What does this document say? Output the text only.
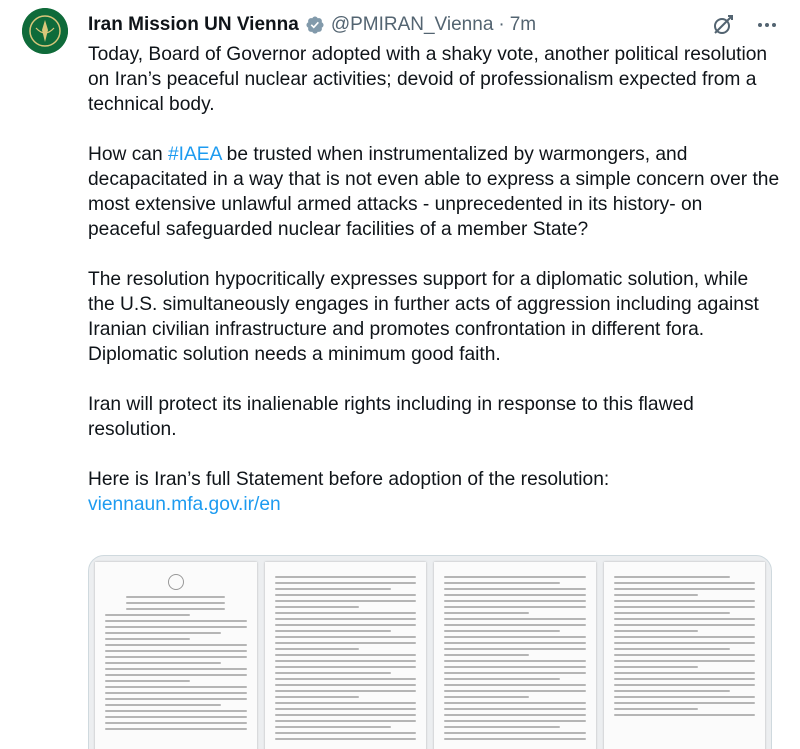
Iran Mission UN Vienna @PMIRAN_Vienna · 7m

Today, Board of Governor adopted with a shaky vote, another political resolution on Iran’s peaceful nuclear activities; devoid of professionalism expected from a technical body.

How can #IAEA be trusted when instrumentalized by warmongers, and decapacitated in a way that is not even able to express a simple concern over the most extensive unlawful armed attacks - unprecedented in its history- on peaceful safeguarded nuclear facilities of a member State?

The resolution hypocritically expresses support for a diplomatic solution, while the U.S. simultaneously engages in further acts of aggression including against Iranian civilian infrastructure and promotes confrontation in different fora. Diplomatic solution needs a minimum good faith.

Iran will protect its inalienable rights including in response to this flawed resolution.

Here is Iran’s full Statement before adoption of the resolution:
viennaun.mfa.gov.ir/en
